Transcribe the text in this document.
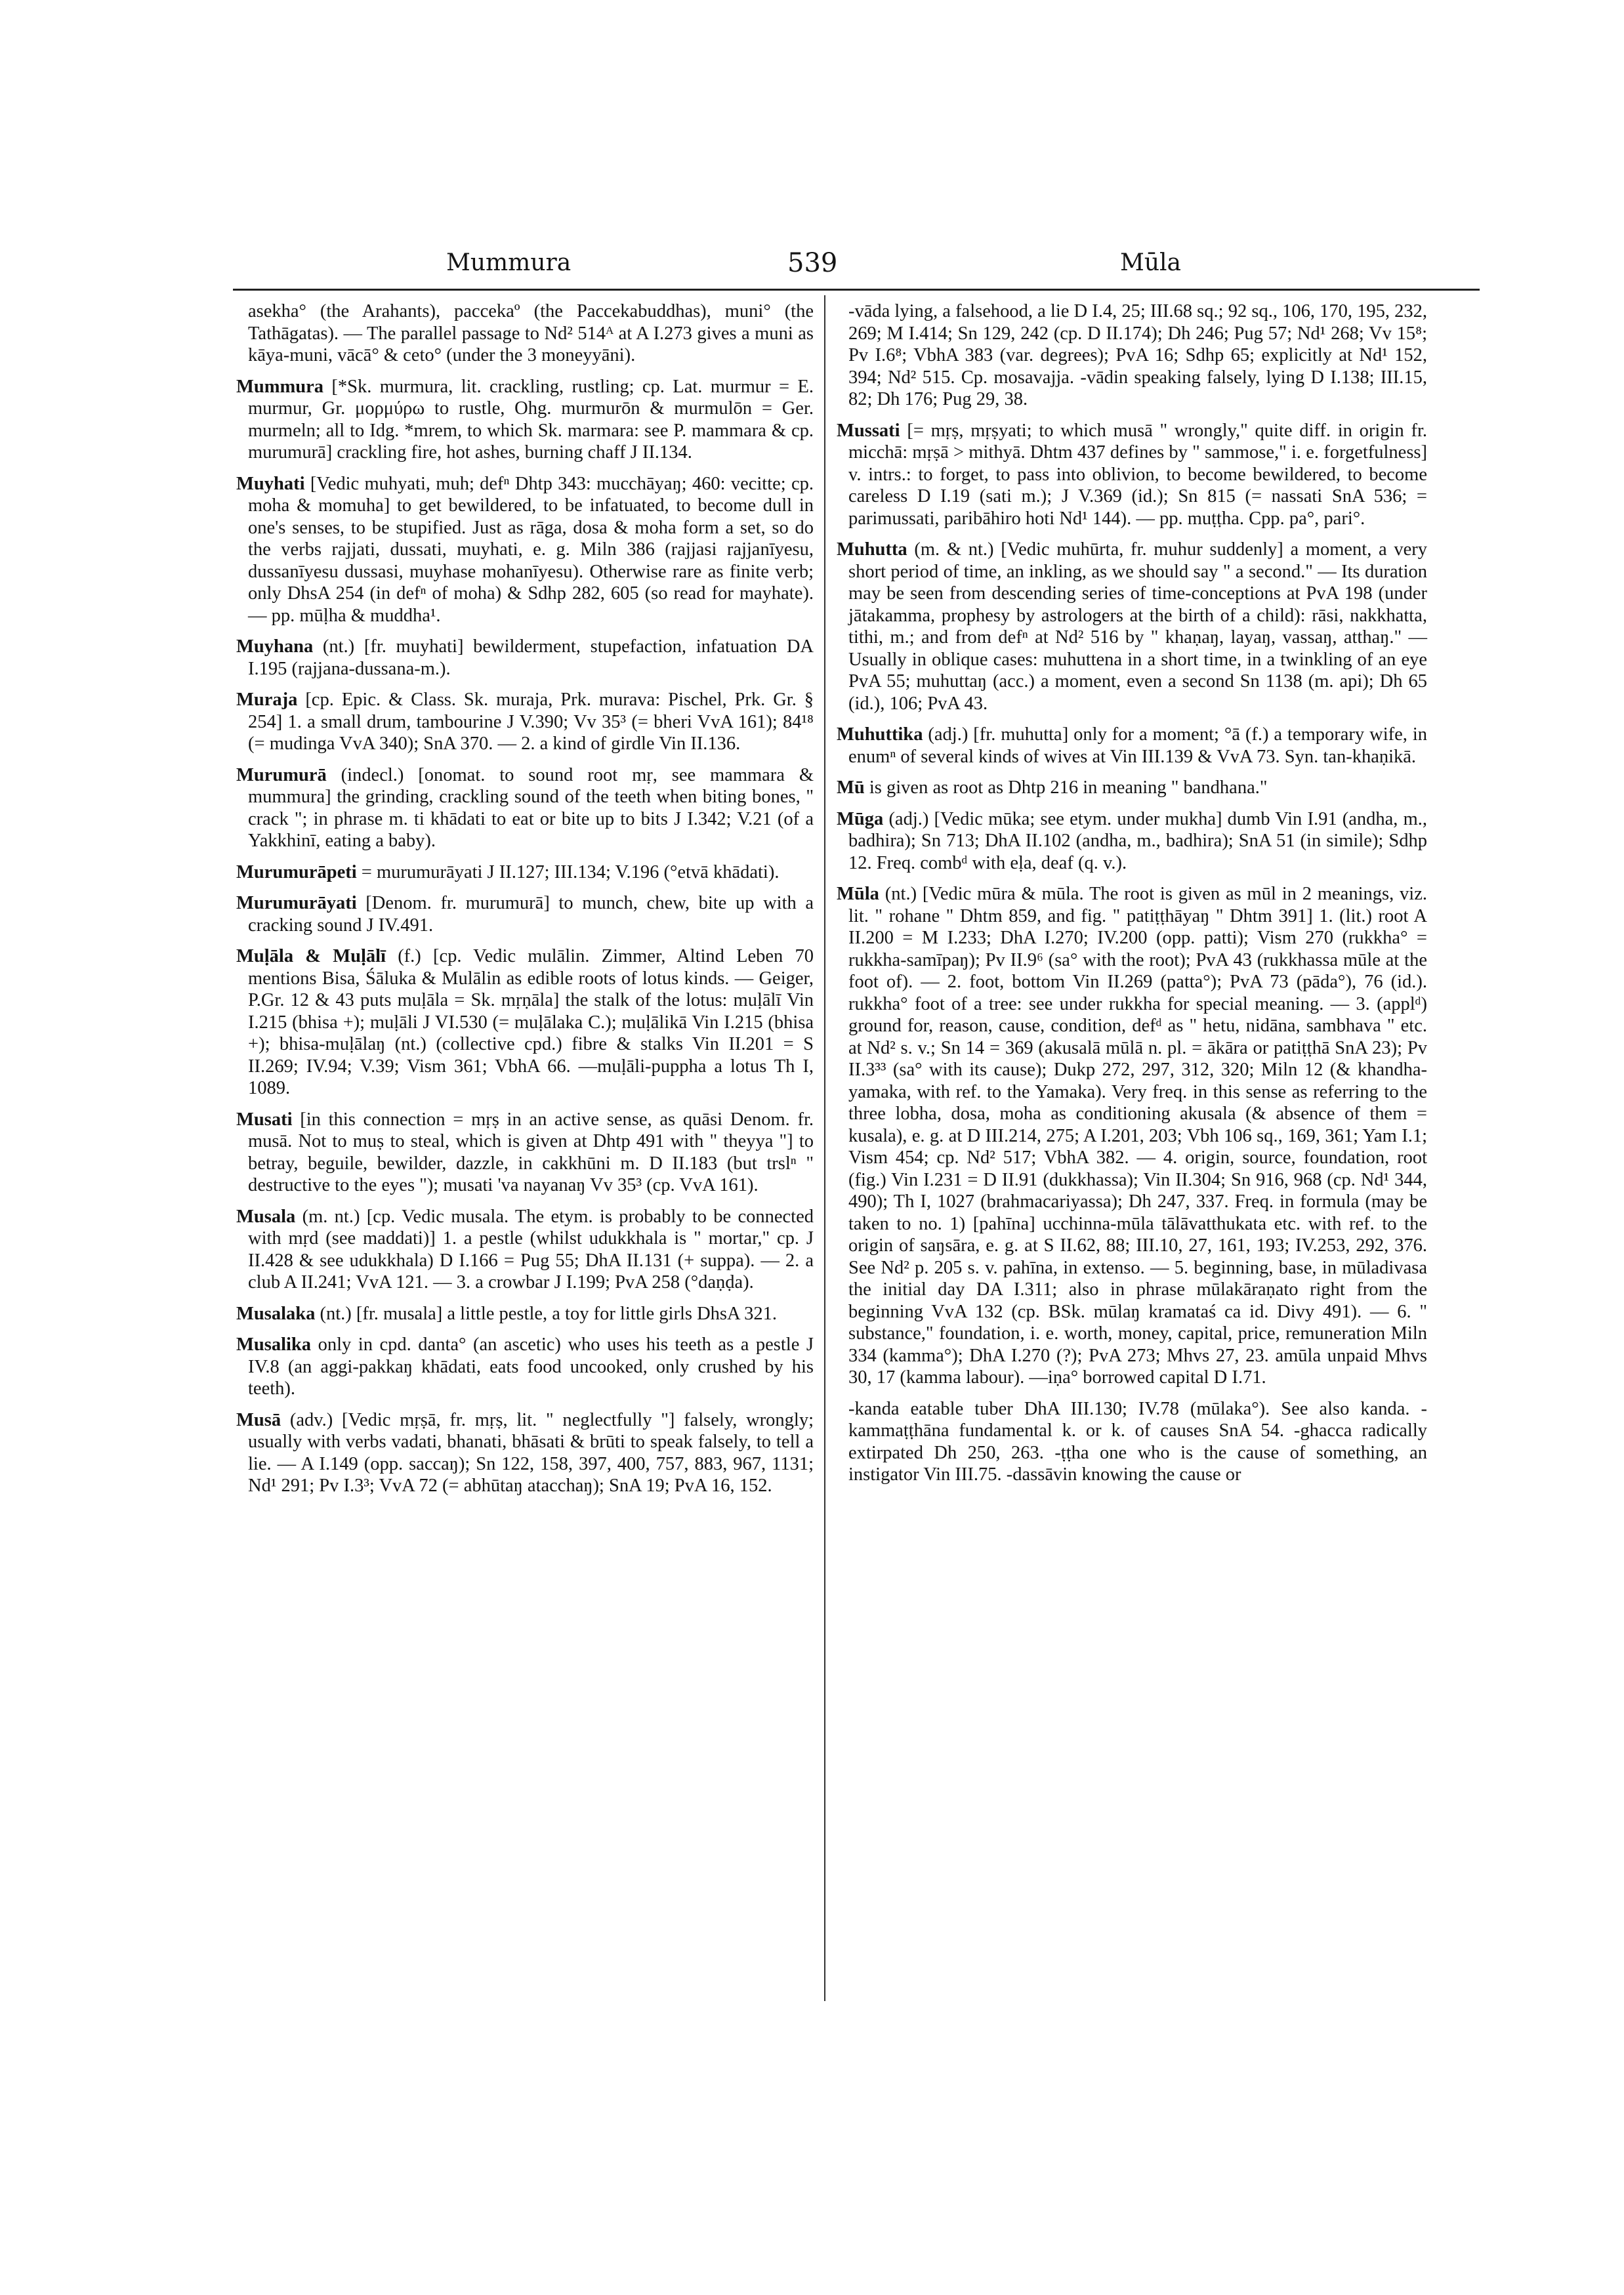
Mummura	539	Mūla

asekha° (the Arahants), paccekaº (the Paccekabuddhas), muni° (the Tathāgatas). — The parallel passage to Nd² 514ᴬ at A I.273 gives a muni as kāya-muni, vācā° & ceto° (under the 3 moneyyāni).

Mummura [*Sk. murmura, lit. crackling, rustling; cp. Lat. murmur = E. murmur, Gr. μορμύρω to rustle, Ohg. murmurōn & murmulōn = Ger. murmeln; all to Idg. *mrem, to which Sk. marmara: see P. mammara & cp. murumurā] crackling fire, hot ashes, burning chaff J II.134.

Muyhati [Vedic muhyati, muh; defⁿ Dhtp 343: mucchāyaŋ; 460: vecitte; cp. moha & momuha] to get bewildered, to be infatuated, to become dull in one's senses, to be stupified. Just as rāga, dosa & moha form a set, so do the verbs rajjati, dussati, muyhati, e. g. Miln 386 (rajjasi rajjanīyesu, dussanīyesu dussasi, muyhase mohanīyesu). Otherwise rare as finite verb; only DhsA 254 (in defⁿ of moha) & Sdhp 282, 605 (so read for mayhate). — pp. mūḷha & muddha¹.

Muyhana (nt.) [fr. muyhati] bewilderment, stupefaction, infatuation DA I.195 (rajjana-dussana-m.).

Muraja [cp. Epic. & Class. Sk. muraja, Prk. murava: Pischel, Prk. Gr. § 254] 1. a small drum, tambourine J V.390; Vv 35³ (= bheri VvA 161); 84¹⁸ (= mudinga VvA 340); SnA 370. — 2. a kind of girdle Vin II.136.

Murumurā (indecl.) [onomat. to sound root mṛ, see mammara & mummura] the grinding, crackling sound of the teeth when biting bones, " crack "; in phrase m. ti khādati to eat or bite up to bits J I.342; V.21 (of a Yakkhinī, eating a baby).

Murumurāpeti = murumurāyati J II.127; III.134; V.196 (°etvā khādati).

Murumurāyati [Denom. fr. murumurā] to munch, chew, bite up with a cracking sound J IV.491.

Muḷāla & Muḷālī (f.) [cp. Vedic mulālin. Zimmer, Altind Leben 70 mentions Bisa, Śāluka & Mulālin as edible roots of lotus kinds. — Geiger, P.Gr. 12 & 43 puts muḷāla = Sk. mṛṇāla] the stalk of the lotus: muḷālī Vin I.215 (bhisa +); muḷāli J VI.530 (= muḷālaka C.); muḷālikā Vin I.215 (bhisa +); bhisa-muḷālaŋ (nt.) (collective cpd.) fibre & stalks Vin II.201 = S II.269; IV.94; V.39; Vism 361; VbhA 66. —muḷāli-puppha a lotus Th I, 1089.

Musati [in this connection = mṛṣ in an active sense, as quāsi Denom. fr. musā. Not to muṣ to steal, which is given at Dhtp 491 with " theyya "] to betray, beguile, bewilder, dazzle, in cakkhūni m. D II.183 (but trslⁿ " destructive to the eyes "); musati 'va nayanaŋ Vv 35³ (cp. VvA 161).

Musala (m. nt.) [cp. Vedic musala. The etym. is probably to be connected with mṛd (see maddati)] 1. a pestle (whilst udukkhala is " mortar," cp. J II.428 & see udukkhala) D I.166 = Pug 55; DhA II.131 (+ suppa). — 2. a club A II.241; VvA 121. — 3. a crowbar J I.199; PvA 258 (°daṇḍa).

Musalaka (nt.) [fr. musala] a little pestle, a toy for little girls DhsA 321.

Musalika only in cpd. danta° (an ascetic) who uses his teeth as a pestle J IV.8 (an aggi-pakkaŋ khādati, eats food uncooked, only crushed by his teeth).

Musā (adv.) [Vedic mṛṣā, fr. mṛṣ, lit. " neglectfully "] falsely, wrongly; usually with verbs vadati, bhanati, bhāsati & brūti to speak falsely, to tell a lie. — A I.149 (opp. saccaŋ); Sn 122, 158, 397, 400, 757, 883, 967, 1131; Nd¹ 291; Pv I.3³; VvA 72 (= abhūtaŋ atacchaŋ); SnA 19; PvA 16, 152.

-vāda lying, a falsehood, a lie D I.4, 25; III.68 sq.; 92 sq., 106, 170, 195, 232, 269; M I.414; Sn 129, 242 (cp. D II.174); Dh 246; Pug 57; Nd¹ 268; Vv 15⁸; Pv I.6⁸; VbhA 383 (var. degrees); PvA 16; Sdhp 65; explicitly at Nd¹ 152, 394; Nd² 515. Cp. mosavajja. -vādin speaking falsely, lying D I.138; III.15, 82; Dh 176; Pug 29, 38.

Mussati [= mṛṣ, mṛṣyati; to which musā " wrongly," quite diff. in origin fr. micchā: mṛṣā > mithyā. Dhtm 437 defines by " sammose," i. e. forgetfulness] v. intrs.: to forget, to pass into oblivion, to become bewildered, to become careless D I.19 (sati m.); J V.369 (id.); Sn 815 (= nassati SnA 536; = parimussati, paribāhiro hoti Nd¹ 144). — pp. muṭṭha. Cpp. pa°, pari°.

Muhutta (m. & nt.) [Vedic muhūrta, fr. muhur suddenly] a moment, a very short period of time, an inkling, as we should say " a second." — Its duration may be seen from descending series of time-conceptions at PvA 198 (under jātakamma, prophesy by astrologers at the birth of a child): rāsi, nakkhatta, tithi, m.; and from defⁿ at Nd² 516 by " khaṇaŋ, layaŋ, vassaŋ, atthaŋ." — Usually in oblique cases: muhuttena in a short time, in a twinkling of an eye PvA 55; muhuttaŋ (acc.) a moment, even a second Sn 1138 (m. api); Dh 65 (id.), 106; PvA 43.

Muhuttika (adj.) [fr. muhutta] only for a moment; °ā (f.) a temporary wife, in enumⁿ of several kinds of wives at Vin III.139 & VvA 73. Syn. tan-khaṇikā.

Mū is given as root as Dhtp 216 in meaning " bandhana."

Mūga (adj.) [Vedic mūka; see etym. under mukha] dumb Vin I.91 (andha, m., badhira); Sn 713; DhA II.102 (andha, m., badhira); SnA 51 (in simile); Sdhp 12. Freq. combᵈ with eḷa, deaf (q. v.).

Mūla (nt.) [Vedic mūra & mūla. The root is given as mūl in 2 meanings, viz. lit. " rohane " Dhtm 859, and fig. " patiṭṭhāyaŋ " Dhtm 391] 1. (lit.) root A II.200 = M I.233; DhA I.270; IV.200 (opp. patti); Vism 270 (rukkha° = rukkha-samīpaŋ); Pv II.9⁶ (sa° with the root); PvA 43 (rukkhassa mūle at the foot of). — 2. foot, bottom Vin II.269 (patta°); PvA 73 (pāda°), 76 (id.). rukkha° foot of a tree: see under rukkha for special meaning. — 3. (applᵈ) ground for, reason, cause, condition, defᵈ as " hetu, nidāna, sambhava " etc. at Nd² s. v.; Sn 14 = 369 (akusalā mūlā n. pl. = ākāra or patiṭṭhā SnA 23); Pv II.3³³ (sa° with its cause); Dukp 272, 297, 312, 320; Miln 12 (& khandha-yamaka, with ref. to the Yamaka). Very freq. in this sense as referring to the three lobha, dosa, moha as conditioning akusala (& absence of them = kusala), e. g. at D III.214, 275; A I.201, 203; Vbh 106 sq., 169, 361; Yam I.1; Vism 454; cp. Nd² 517; VbhA 382. — 4. origin, source, foundation, root (fig.) Vin I.231 = D II.91 (dukkhassa); Vin II.304; Sn 916, 968 (cp. Nd¹ 344, 490); Th I, 1027 (brahmacariyassa); Dh 247, 337. Freq. in formula (may be taken to no. 1) [pahīna] ucchinna-mūla tālāvatthukata etc. with ref. to the origin of saŋsāra, e. g. at S II.62, 88; III.10, 27, 161, 193; IV.253, 292, 376. See Nd² p. 205 s. v. pahīna, in extenso. — 5. beginning, base, in mūladivasa the initial day DA I.311; also in phrase mūlakāraṇato right from the beginning VvA 132 (cp. BSk. mūlaŋ kramataś ca id. Divy 491). — 6. " substance," foundation, i. e. worth, money, capital, price, remuneration Miln 334 (kamma°); DhA I.270 (?); PvA 273; Mhvs 27, 23. amūla unpaid Mhvs 30, 17 (kamma labour). —iṇa° borrowed capital D I.71.

-kanda eatable tuber DhA III.130; IV.78 (mūlaka°). See also kanda. -kammaṭṭhāna fundamental k. or k. of causes SnA 54. -ghacca radically extirpated Dh 250, 263. -ṭṭha one who is the cause of something, an instigator Vin III.75. -dassāvin knowing the cause or
